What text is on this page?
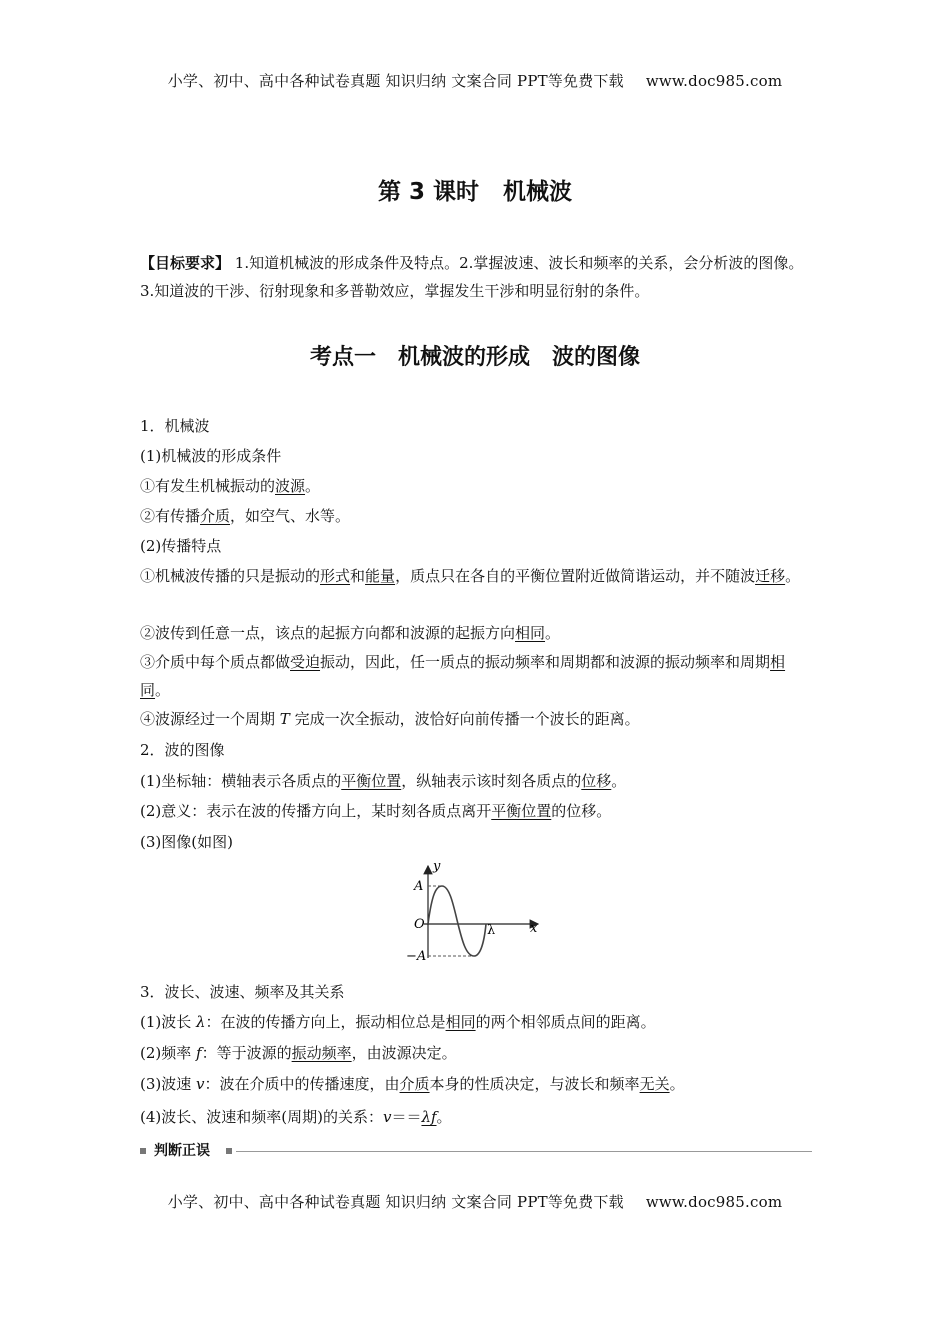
小学、初中、高中各种试卷真题 知识归纳 文案合同 PPT等免费下载 www.doc985.com
第 3 课时 机械波
【目标要求】 1.知道机械波的形成条件及特点。2.掌握波速、波长和频率的关系，会分析波的图像。3.知道波的干涉、衍射现象和多普勒效应，掌握发生干涉和明显衍射的条件。
考点一 机械波的形成　波的图像
1．机械波
(1)机械波的形成条件
①有发生机械振动的波源。
②有传播介质，如空气、水等。
(2)传播特点
①机械波传播的只是振动的形式和能量，质点只在各自的平衡位置附近做简谐运动，并不随波迁移。
②波传到任意一点，该点的起振方向都和波源的起振方向相同。
③介质中每个质点都做受迫振动，因此，任一质点的振动频率和周期都和波源的振动频率和周期相同。
④波源经过一个周期 T 完成一次全振动，波恰好向前传播一个波长的距离。
2．波的图像
(1)坐标轴：横轴表示各质点的平衡位置，纵轴表示该时刻各质点的位移。
(2)意义：表示在波的传播方向上，某时刻各质点离开平衡位置的位移。
(3)图像(如图)
y
x
A
−A
O	λ
3．波长、波速、频率及其关系
(1)波长 λ：在波的传播方向上，振动相位总是相同的两个相邻质点间的距离。
(2)频率 f：等于波源的振动频率，由波源决定。
(3)波速 v：波在介质中的传播速度，由介质本身的性质决定，与波长和频率无关。
(4)波长、波速和频率(周期)的关系：v＝＝λf。
判断正误
小学、初中、高中各种试卷真题 知识归纳 文案合同 PPT等免费下载 www.doc985.com
